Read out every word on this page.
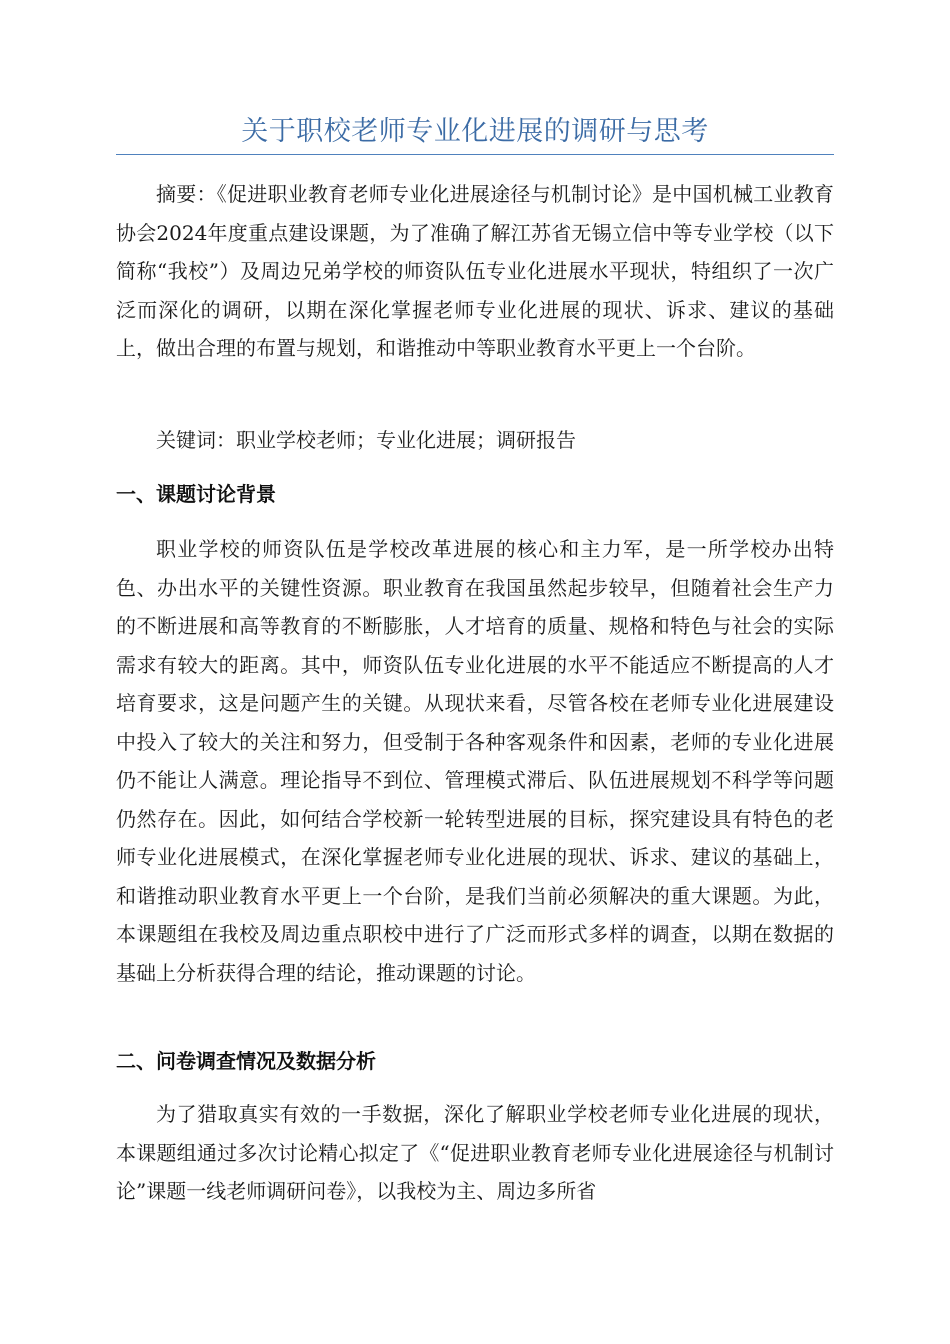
关于职校老师专业化进展的调研与思考

摘要：《促进职业教育老师专业化进展途径与机制讨论》是中国机械工业教育协会2024年度重点建设课题，为了准确了解江苏省无锡立信中等专业学校（以下简称“我校”）及周边兄弟学校的师资队伍专业化进展水平现状，特组织了一次广泛而深化的调研，以期在深化掌握老师专业化进展的现状、诉求、建议的基础上，做出合理的布置与规划，和谐推动中等职业教育水平更上一个台阶。

关键词：职业学校老师；专业化进展；调研报告

一、课题讨论背景

职业学校的师资队伍是学校改革进展的核心和主力军，是一所学校办出特色、办出水平的关键性资源。职业教育在我国虽然起步较早，但随着社会生产力的不断进展和高等教育的不断膨胀，人才培育的质量、规格和特色与社会的实际需求有较大的距离。其中，师资队伍专业化进展的水平不能适应不断提高的人才培育要求，这是问题产生的关键。从现状来看，尽管各校在老师专业化进展建设中投入了较大的关注和努力，但受制于各种客观条件和因素，老师的专业化进展仍不能让人满意。理论指导不到位、管理模式滞后、队伍进展规划不科学等问题仍然存在。因此，如何结合学校新一轮转型进展的目标，探究建设具有特色的老师专业化进展模式，在深化掌握老师专业化进展的现状、诉求、建议的基础上，和谐推动职业教育水平更上一个台阶，是我们当前必须解决的重大课题。为此，本课题组在我校及周边重点职校中进行了广泛而形式多样的调查，以期在数据的基础上分析获得合理的结论，推动课题的讨论。

二、问卷调查情况及数据分析

为了猎取真实有效的一手数据，深化了解职业学校老师专业化进展的现状，本课题组通过多次讨论精心拟定了《“促进职业教育老师专业化进展途径与机制讨论”课题一线老师调研问卷》，以我校为主、周边多所省
